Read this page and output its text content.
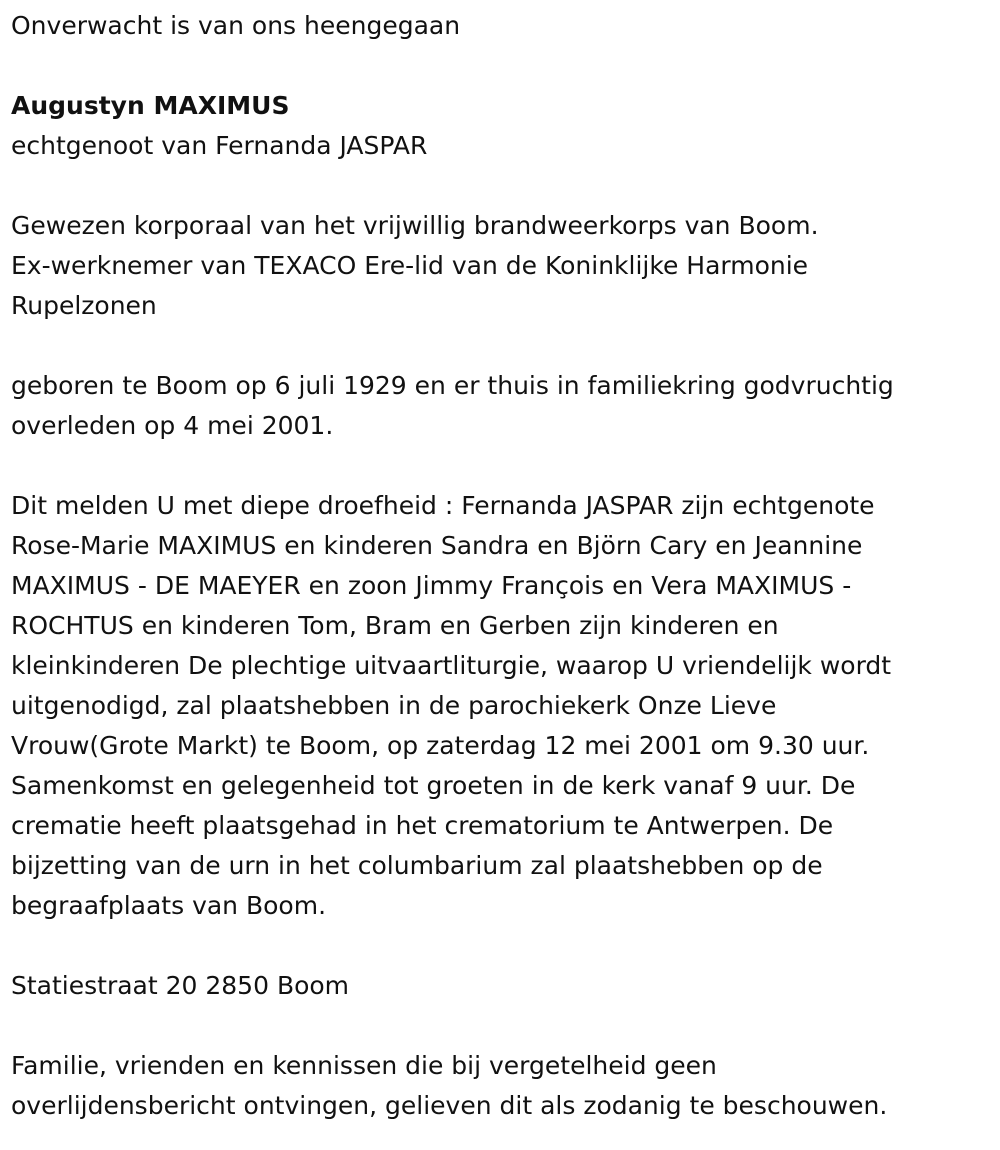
Onverwacht is van ons heengegaan
Augustyn MAXIMUS
echtgenoot van Fernanda JASPAR
Gewezen korporaal van het vrijwillig brandweerkorps van Boom.
Ex-werknemer van TEXACO Ere-lid van de Koninklijke Harmonie
Rupelzonen
geboren te Boom op 6 juli 1929 en er thuis in familiekring godvruchtig
overleden op 4 mei 2001.
Dit melden U met diepe droefheid : Fernanda JASPAR zijn echtgenote
Rose-Marie MAXIMUS en kinderen Sandra en Björn Cary en Jeannine
MAXIMUS - DE MAEYER en zoon Jimmy François en Vera MAXIMUS -
ROCHTUS en kinderen Tom, Bram en Gerben zijn kinderen en
kleinkinderen De plechtige uitvaartliturgie, waarop U vriendelijk wordt
uitgenodigd, zal plaatshebben in de parochiekerk Onze Lieve
Vrouw(Grote Markt) te Boom, op zaterdag 12 mei 2001 om 9.30 uur.
Samenkomst en gelegenheid tot groeten in de kerk vanaf 9 uur. De
crematie heeft plaatsgehad in het crematorium te Antwerpen. De
bijzetting van de urn in het columbarium zal plaatshebben op de
begraafplaats van Boom.
Statiestraat 20 2850 Boom
Familie, vrienden en kennissen die bij vergetelheid geen
overlijdensbericht ontvingen, gelieven dit als zodanig te beschouwen.
